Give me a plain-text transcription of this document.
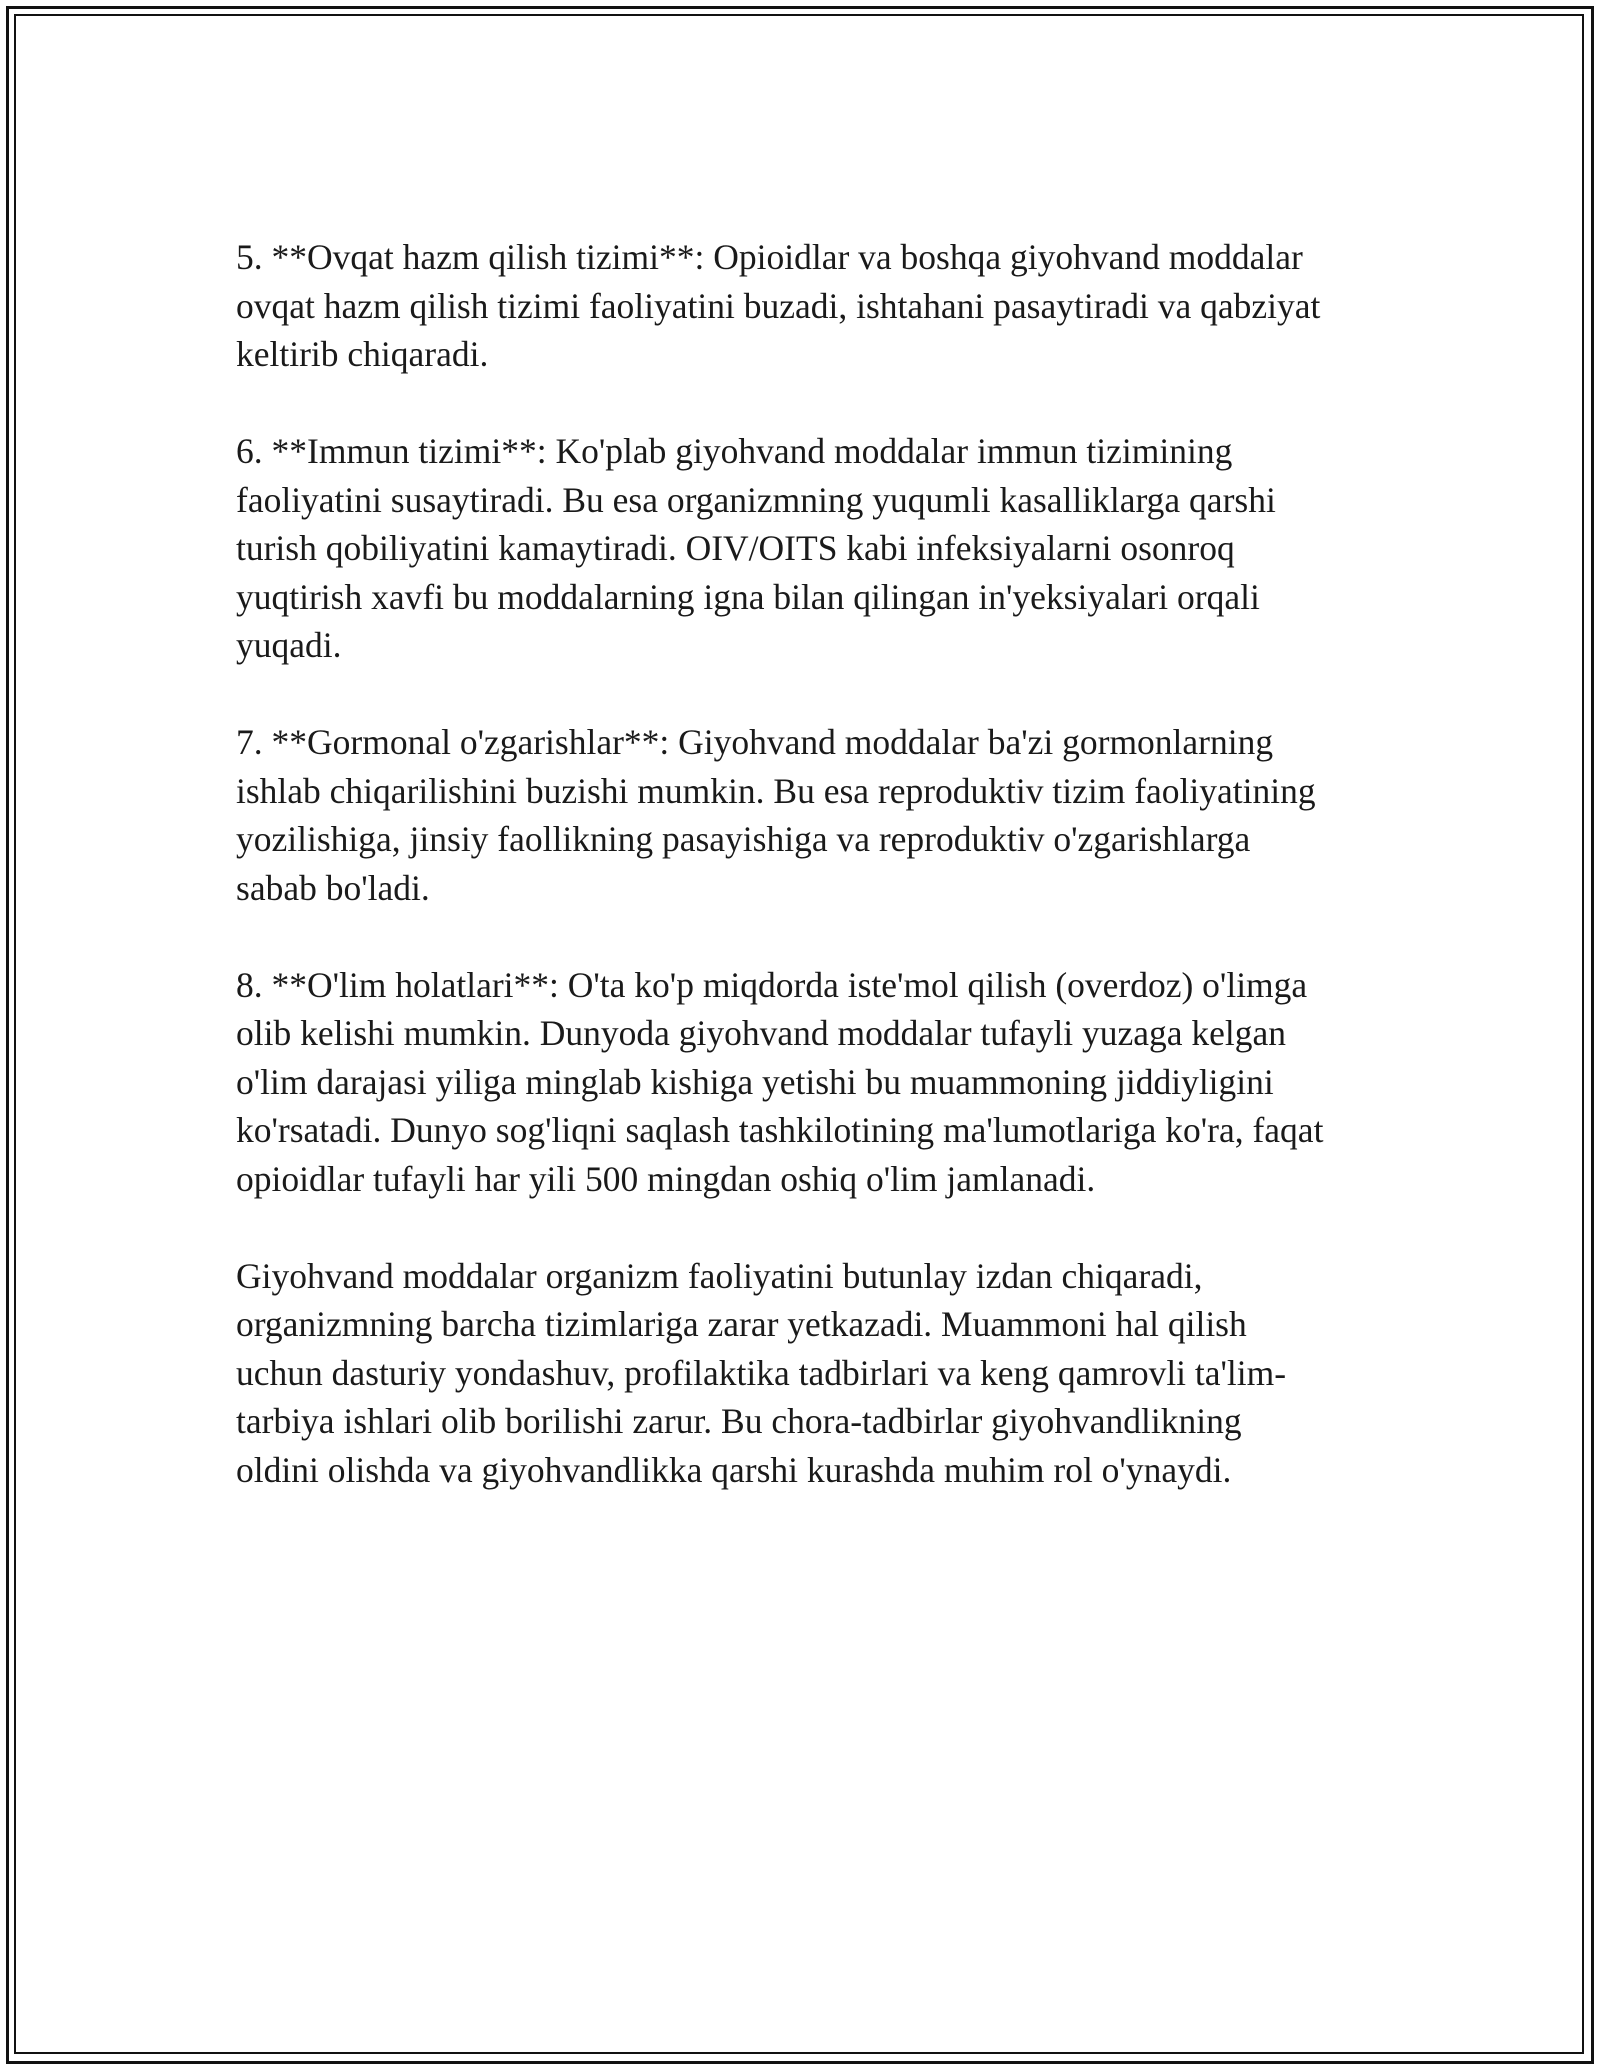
5. **Ovqat hazm qilish tizimi**: Opioidlar va boshqa giyohvand moddalar
ovqat hazm qilish tizimi faoliyatini buzadi, ishtahani pasaytiradi va qabziyat
keltirib chiqaradi.

6. **Immun tizimi**: Ko'plab giyohvand moddalar immun tizimining
faoliyatini susaytiradi. Bu esa organizmning yuqumli kasalliklarga qarshi
turish qobiliyatini kamaytiradi. OIV/OITS kabi infeksiyalarni osonroq
yuqtirish xavfi bu moddalarning igna bilan qilingan in'yeksiyalari orqali
yuqadi.

7. **Gormonal o'zgarishlar**: Giyohvand moddalar ba'zi gormonlarning
ishlab chiqarilishini buzishi mumkin. Bu esa reproduktiv tizim faoliyatining
yozilishiga, jinsiy faollikning pasayishiga va reproduktiv o'zgarishlarga
sabab bo'ladi.

8. **O'lim holatlari**: O'ta ko'p miqdorda iste'mol qilish (overdoz) o'limga
olib kelishi mumkin. Dunyoda giyohvand moddalar tufayli yuzaga kelgan
o'lim darajasi yiliga minglab kishiga yetishi bu muammoning jiddiyligini
ko'rsatadi. Dunyo sog'liqni saqlash tashkilotining ma'lumotlariga ko'ra, faqat
opioidlar tufayli har yili 500 mingdan oshiq o'lim jamlanadi.

Giyohvand moddalar organizm faoliyatini butunlay izdan chiqaradi,
organizmning barcha tizimlariga zarar yetkazadi. Muammoni hal qilish
uchun dasturiy yondashuv, profilaktika tadbirlari va keng qamrovli ta'lim-
tarbiya ishlari olib borilishi zarur. Bu chora-tadbirlar giyohvandlikning
oldini olishda va giyohvandlikka qarshi kurashda muhim rol o'ynaydi.
